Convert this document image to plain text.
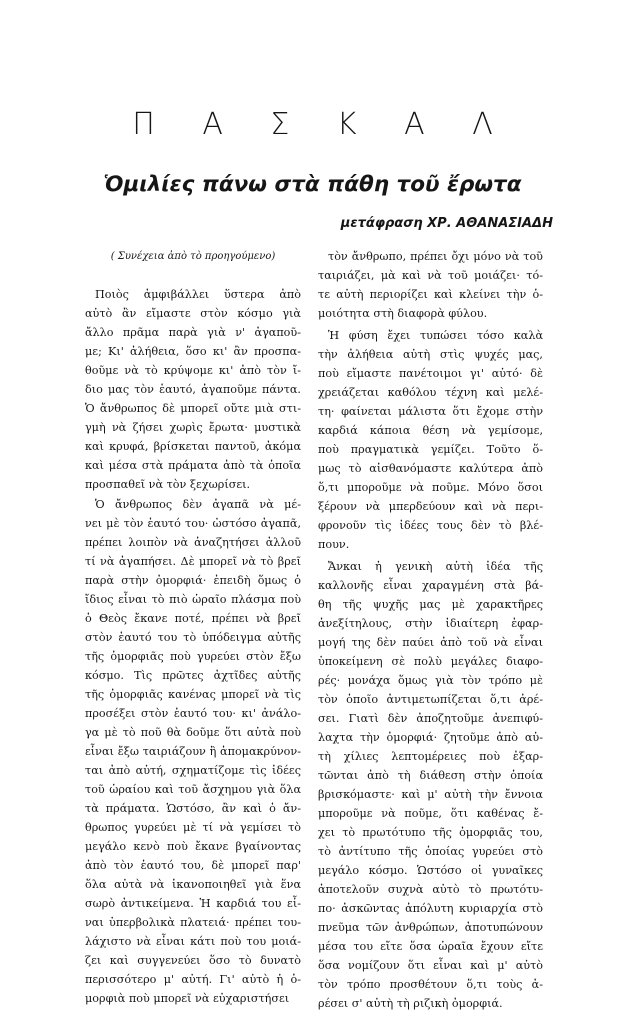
Π Α Σ Κ Α Λ
Ὁμιλίες πάνω στὰ πάθη τοῦ ἔρωτα
μετάφραση ΧΡ. ΑΘΑΝΑΣΙΑΔΗ
( Συνέχεια ἀπὸ τὸ προηγούμενο)
Ποιὸς ἀμφιβάλλει ὕστερα ἀπὸ
αὐτὸ ἂν εἴμαστε στὸν κόσμο γιὰ
ἄλλο πρᾶμα παρὰ γιὰ ν' ἀγαποῦ-
με; Κι' ἀλήθεια, ὅσο κι' ἂν προσπα-
θοῦμε νὰ τὸ κρύψομε κι' ἀπὸ τὸν ἴ-
διο μας τὸν ἑαυτό, ἀγαποῦμε πάντα.
Ὁ ἄνθρωπος δὲ μπορεῖ οὔτε μιὰ στι-
γμὴ νὰ ζήσει χωρὶς ἔρωτα· μυστικὰ
καὶ κρυφά, βρίσκεται παντοῦ, ἀκόμα
καὶ μέσα στὰ πράματα ἀπὸ τὰ ὁποῖα
προσπαθεῖ νὰ τὸν ξεχωρίσει.
Ὁ ἄνθρωπος δὲν ἀγαπᾶ νὰ μέ-
νει μὲ τὸν ἑαυτό του· ὡστόσο ἀγαπᾶ,
πρέπει λοιπὸν νὰ ἀναζητήσει ἀλλοῦ
τί νὰ ἀγαπήσει. Δὲ μπορεῖ νὰ τὸ βρεῖ
παρὰ στὴν ὀμορφιά· ἐπειδὴ ὅμως ὁ
ἴδιος εἶναι τὸ πιὸ ὡραῖο πλάσμα ποὺ
ὁ Θεὸς ἔκανε ποτέ, πρέπει νὰ βρεῖ
στὸν ἑαυτό του τὸ ὑπόδειγμα αὐτῆς
τῆς ὀμορφιᾶς ποὺ γυρεύει στὸν ἔξω
κόσμο. Τὶς πρῶτες ἀχτῖδες αὐτῆς
τῆς ὀμορφιᾶς κανένας μπορεῖ νὰ τὶς
προσέξει στὸν ἑαυτό του· κι' ἀνάλο-
γα μὲ τὸ ποῦ θὰ δοῦμε ὅτι αὐτὰ ποὺ
εἶναι ἔξω ταιριάζουν ἢ ἀπομακρύνον-
ται ἀπὸ αὐτή, σχηματίζομε τὶς ἰδέες
τοῦ ὡραίου καὶ τοῦ ἄσχημου γιὰ ὅλα
τὰ πράματα. Ὡστόσο, ἂν καὶ ὁ ἄν-
θρωπος γυρεύει μὲ τί νὰ γεμίσει τὸ
μεγάλο κενὸ ποὺ ἔκανε βγαίνοντας
ἀπὸ τὸν ἑαυτό του, δὲ μπορεῖ παρ'
ὅλα αὐτὰ νὰ ἱκανοποιηθεῖ γιὰ ἕνα
σωρὸ ἀντικείμενα. Ἡ καρδιά του εἶ-
ναι ὑπερβολικὰ πλατειά· πρέπει του-
λάχιστο νὰ εἶναι κάτι ποὺ του μοιά-
ζει καὶ συγγενεύει ὅσο τὸ δυνατὸ
περισσότερο μ' αὐτή. Γι' αὐτὸ ἡ ὀ-
μορφιὰ ποὺ μπορεῖ νὰ εὐχαριστήσει
τὸν ἄνθρωπο, πρέπει ὄχι μόνο νὰ τοῦ
ταιριάζει, μὰ καὶ νὰ τοῦ μοιάζει· τό-
τε αὐτὴ περιορίζει καὶ κλείνει τὴν ὁ-
μοιότητα στὴ διαφορὰ φύλου.
Ἡ φύση ἔχει τυπώσει τόσο καλὰ
τὴν ἀλήθεια αὐτὴ στὶς ψυχές μας,
ποὺ εἴμαστε πανέτοιμοι γι' αὐτό· δὲ
χρειάζεται καθόλου τέχνη καὶ μελέ-
τη· φαίνεται μάλιστα ὅτι ἔχομε στὴν
καρδιά κάποια θέση νὰ γεμίσομε,
ποὺ πραγματικὰ γεμίζει. Τοῦτο ὅ-
μως τὸ αἰσθανόμαστε καλύτερα ἀπὸ
ὅ,τι μποροῦμε νὰ ποῦμε. Μόνο ὅσοι
ξέρουν νὰ μπερδεύουν καὶ νὰ περι-
φρονοῦν τὶς ἰδέες τους δὲν τὸ βλέ-
πουν.
Ἄνκαι ἡ γενικὴ αὐτὴ ἰδέα τῆς
καλλονῆς εἶναι χαραγμένη στὰ βά-
θη τῆς ψυχῆς μας μὲ χαρακτῆρες
ἀνεξίτηλους, στὴν ἰδιαίτερη ἐφαρ-
μογή της δὲν παύει ἀπὸ τοῦ νὰ εἶναι
ὑποκείμενη σὲ πολὺ μεγάλες διαφο-
ρές· μονάχα ὅμως γιὰ τὸν τρόπο μὲ
τὸν ὁποῖο ἀντιμετωπίζεται ὅ,τι ἀρέ-
σει. Γιατὶ δὲν ἀποζητοῦμε ἀνεπιφύ-
λαχτα τὴν ὀμορφιά· ζητοῦμε ἀπὸ αὐ-
τὴ χίλιες λεπτομέρειες ποὺ ἐξαρ-
τῶνται ἀπὸ τὴ διάθεση στὴν ὁποία
βρισκόμαστε· καὶ μ' αὐτὴ τὴν ἔννοια
μποροῦμε νὰ ποῦμε, ὅτι καθένας ἔ-
χει τὸ πρωτότυπο τῆς ὀμορφιᾶς του,
τὸ ἀντίτυπο τῆς ὁποίας γυρεύει στὸ
μεγάλο κόσμο. Ὡστόσο οἱ γυναῖκες
ἀποτελοῦν συχνὰ αὐτὸ τὸ πρωτότυ-
πο· ἀσκῶντας ἀπόλυτη κυριαρχία στὸ
πνεῦμα τῶν ἀνθρώπων, ἀποτυπώνουν
μέσα του εἴτε ὅσα ὡραῖα ἔχουν εἴτε
ὅσα νομίζουν ὅτι εἶναι καὶ μ' αὐτὸ
τὸν τρόπο προσθέτουν ὅ,τι τοὺς ἀ-
ρέσει σ' αὐτὴ τὴ ριζικὴ ὀμορφιά.
